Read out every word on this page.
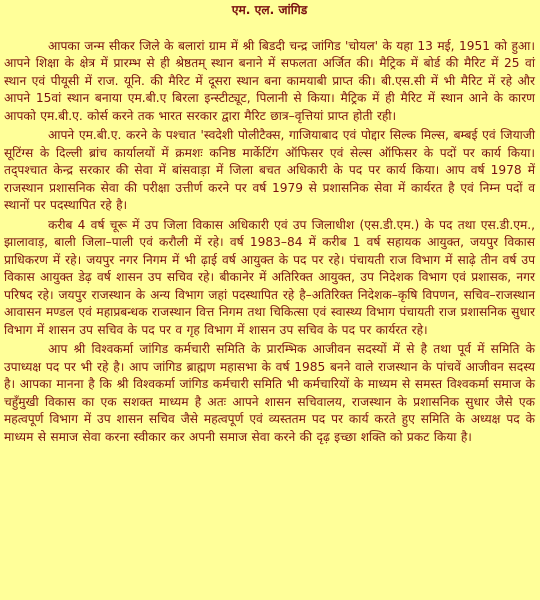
एम. एल. जांगिड

आपका जन्म सीकर जिले के बलारां ग्राम में श्री बिडदी चन्द्र जांगिड 'चोयल' के यहा 13 मई, 1951 को हुआ। आपने शिक्षा के क्षेत्र में प्रारम्भ से ही श्रेष्ठतम् स्थान बनाने में सफलता अर्जित की। मैट्रिक में बोर्ड की मैरिट में 25 वां स्थान एवं पीयूसी में राज. यूनि. की मैरिट में दूसरा स्थान बना कामयाबी प्राप्त की। बी.एस.सी में भी मैरिट में रहे और आपने 15वां स्थान बनाया एम.बी.ए बिरला इन्स्टीट्यूट, पिलानी से किया। मैट्रिक में ही मैरिट में स्थान आने के कारण आपको एम.बी.ए. कोर्स करने तक भारत सरकार द्वारा मैरिट छात्र–वृत्तियां प्राप्त होती रही।

आपने एम.बी.ए. करने के पश्चात 'स्वदेशी पोलीटैक्स, गाजियाबाद एवं पोद्दार सिल्क मिल्स, बम्बई एवं जियाजी सूटिंग्स के दिल्ली ब्रांच कार्यालयों में क्रमशः कनिष्ठ मार्केटिंग ऑफिसर एवं सेल्स ऑफिसर के पदों पर कार्य किया। तद्‌पश्चात केन्द्र सरकार की सेवा में बांसवाड़ा में जिला बचत अधिकारी के पद पर कार्य किया। आप वर्ष 1978 में राजस्थान प्रशासनिक सेवा की परीक्षा उत्तीर्ण करने पर वर्ष 1979 से प्रशासनिक सेवा में कार्यरत है एवं निम्न पदों व स्थानों पर पदस्थापित रहे है।

करीब 4 वर्ष चूरू में उप जिला विकास अधिकारी एवं उप जिलाधीश (एस.डी.एम.) के पद तथा एस.डी.एम., झालावाड़, बाली जिला–पाली एवं करौली में रहे। वर्ष 1983–84 में करीब 1 वर्ष सहायक आयुक्त, जयपुर विकास प्राधिकरण में रहे। जयपुर नगर निगम में भी ढ़ाई वर्ष आयुक्त के पद पर रहे। पंचायती राज विभाग में साढ़े तीन वर्ष उप विकास आयुक्त डेढ़ वर्ष शासन उप सचिव रहे। बीकानेर में अतिरिक्त आयुक्त, उप निदेशक विभाग एवं प्रशासक, नगर परिषद रहे। जयपुर राजस्थान के अन्य विभाग जहां पदस्थापित रहे है–अतिरिक्त निदेशक–कृषि विपणन, सचिव–राजस्थान आवासन मण्डल एवं महाप्रबन्धक राजस्थान वित्त निगम तथा चिकित्सा एवं स्वास्थ्य विभाग पंचायती राज प्रशासनिक सुधार विभाग में शासन उप सचिव के पद पर व गृह विभाग में शासन उप सचिव के पद पर कार्यरत रहे।

आप श्री विश्वकर्मा जांगिड कर्मचारी समिति के प्रारम्भिक आजीवन सदस्यों में से है तथा पूर्व में समिति के उपाध्यक्ष पद पर भी रहे है। आप जांगिड ब्राह्मण महासभा के वर्ष 1985 बनने वाले राजस्थान के पांचवें आजीवन सदस्य है। आपका मानना है कि श्री विश्वकर्मा जांगिड कर्मचारी समिति भी कर्मचारियों के माध्यम से समस्त विश्वकर्मा समाज के चहुँमुखी विकास का एक सशक्त माध्यम है अतः आपने शासन सचिवालय, राजस्थान के प्रशासनिक सुधार जैसे एक महत्वपूर्ण विभाग में उप शासन सचिव जैसे महत्वपूर्ण एवं व्यस्ततम पद पर कार्य करते हुए समिति के अध्यक्ष पद के माध्यम से समाज सेवा करना स्वीकार कर अपनी समाज सेवा करने की दृढ़ इच्छा शक्ति को प्रकट किया है।
